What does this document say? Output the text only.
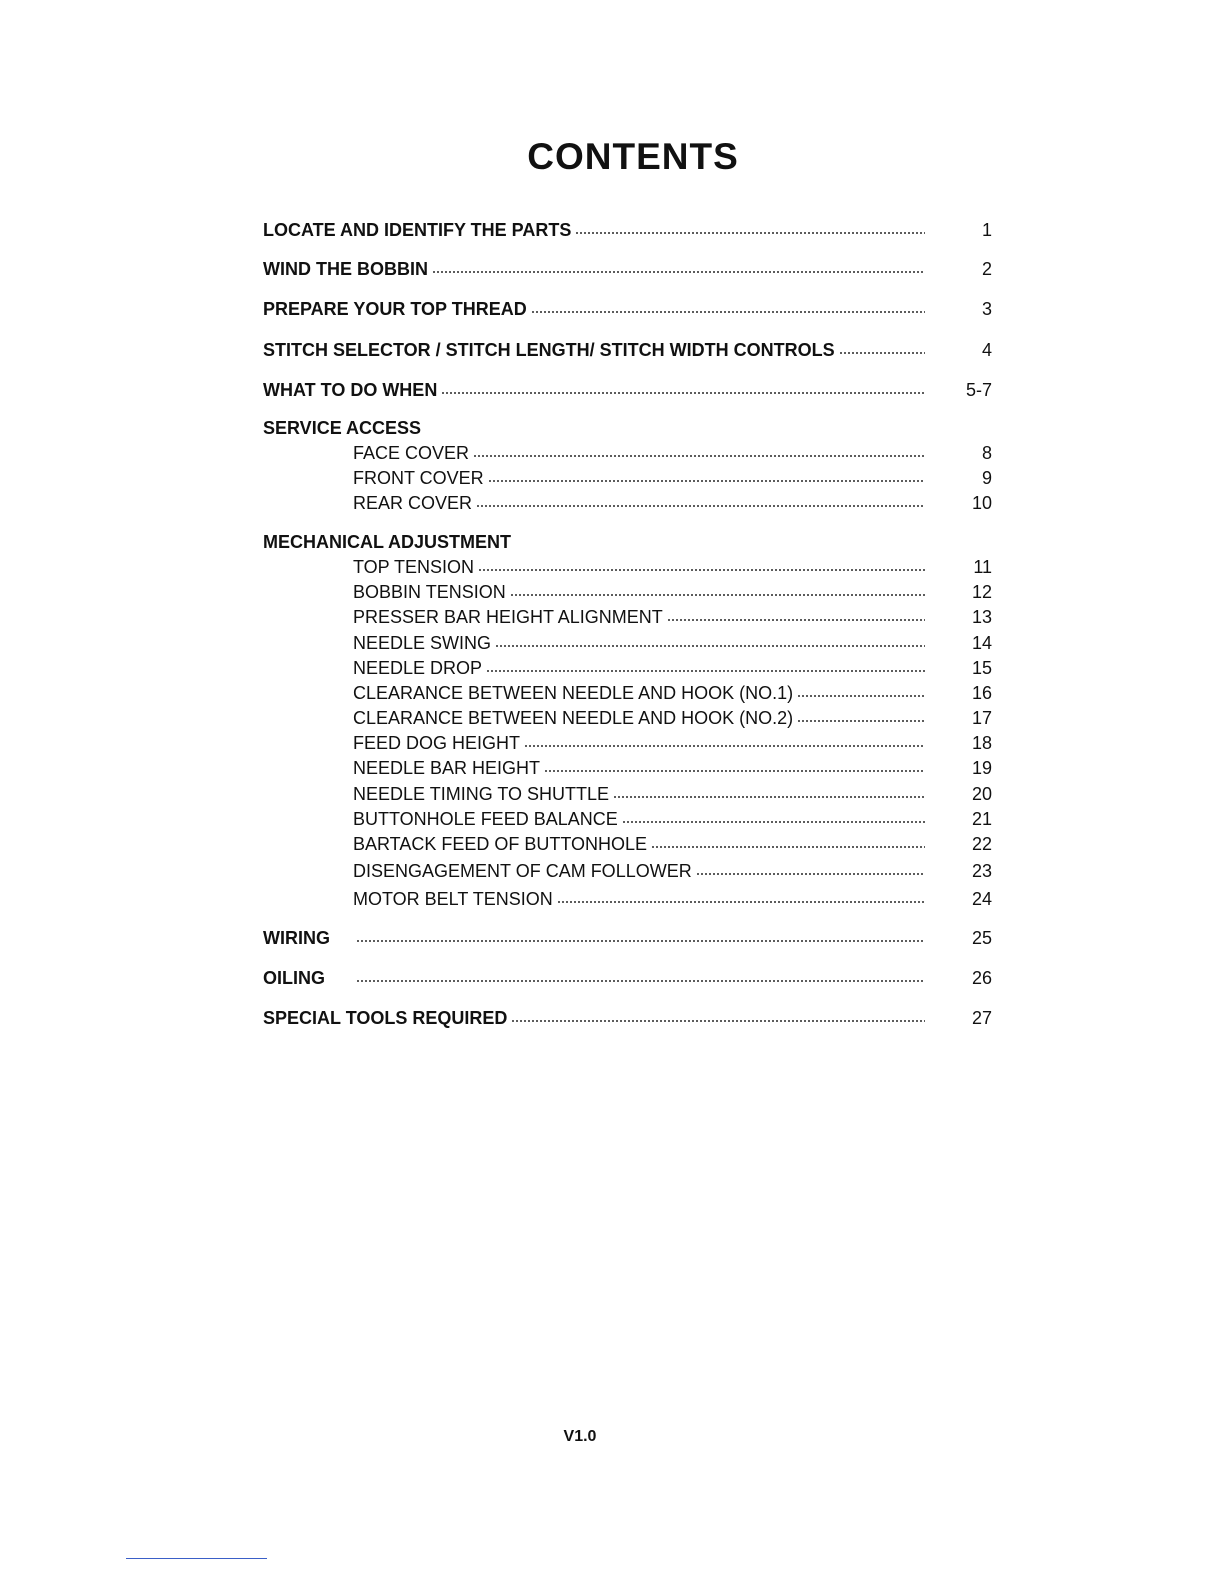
CONTENTS
LOCATE AND IDENTIFY THE PARTS	1
WIND THE BOBBIN	2
PREPARE YOUR TOP THREAD	3
STITCH SELECTOR / STITCH LENGTH/ STITCH WIDTH CONTROLS	4
WHAT TO DO WHEN	5-7
SERVICE ACCESS
FACE COVER	8
FRONT COVER	9
REAR COVER	10
MECHANICAL ADJUSTMENT
TOP TENSION	11
BOBBIN TENSION	12
PRESSER BAR HEIGHT ALIGNMENT	13
NEEDLE SWING	14
NEEDLE DROP	15
CLEARANCE BETWEEN NEEDLE AND HOOK (NO.1)	16
CLEARANCE BETWEEN NEEDLE AND HOOK (NO.2)	17
FEED DOG HEIGHT	18
NEEDLE BAR HEIGHT	19
NEEDLE TIMING TO SHUTTLE	20
BUTTONHOLE FEED BALANCE	21
BARTACK FEED OF BUTTONHOLE	22
DISENGAGEMENT OF CAM FOLLOWER	23
MOTOR BELT TENSION	24
WIRING	25
OILING	26
SPECIAL TOOLS REQUIRED	27
V1.0
